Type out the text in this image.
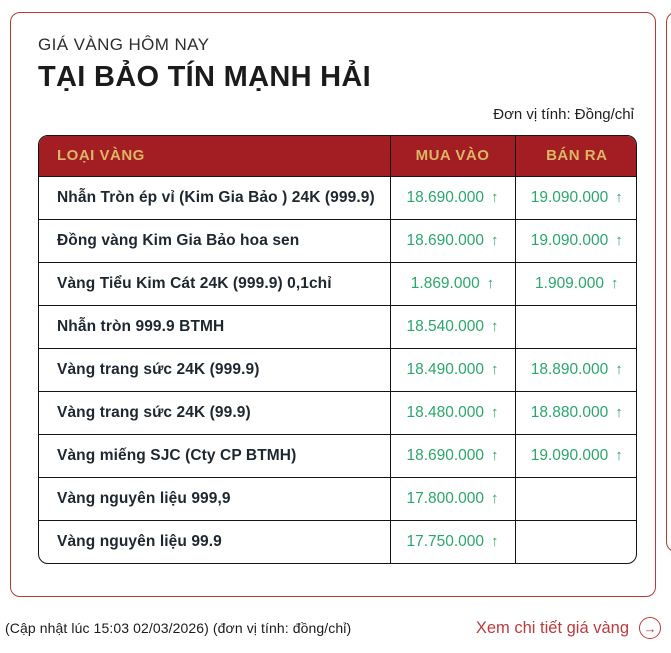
GIÁ VÀNG HÔM NAY
TẠI BẢO TÍN MẠNH HẢI
Đơn vị tính: Đồng/chỉ
LOẠI VÀNG	MUA VÀO	BÁN RA
Nhẫn Tròn ép vỉ (Kim Gia Bảo ) 24K (999.9)	18.690.000 ↑	19.090.000 ↑
Đồng vàng Kim Gia Bảo hoa sen	18.690.000 ↑	19.090.000 ↑
Vàng Tiểu Kim Cát 24K (999.9) 0,1chỉ	1.869.000 ↑	1.909.000 ↑
Nhẫn tròn 999.9 BTMH	18.540.000 ↑	
Vàng trang sức 24K (999.9)	18.490.000 ↑	18.890.000 ↑
Vàng trang sức 24K (99.9)	18.480.000 ↑	18.880.000 ↑
Vàng miếng SJC (Cty CP BTMH)	18.690.000 ↑	19.090.000 ↑
Vàng nguyên liệu 999,9	17.800.000 ↑	
Vàng nguyên liệu 99.9	17.750.000 ↑	
(Cập nhật lúc 15:03 02/03/2026) (đơn vị tính: đồng/chỉ)	Xem chi tiết giá vàng	→
